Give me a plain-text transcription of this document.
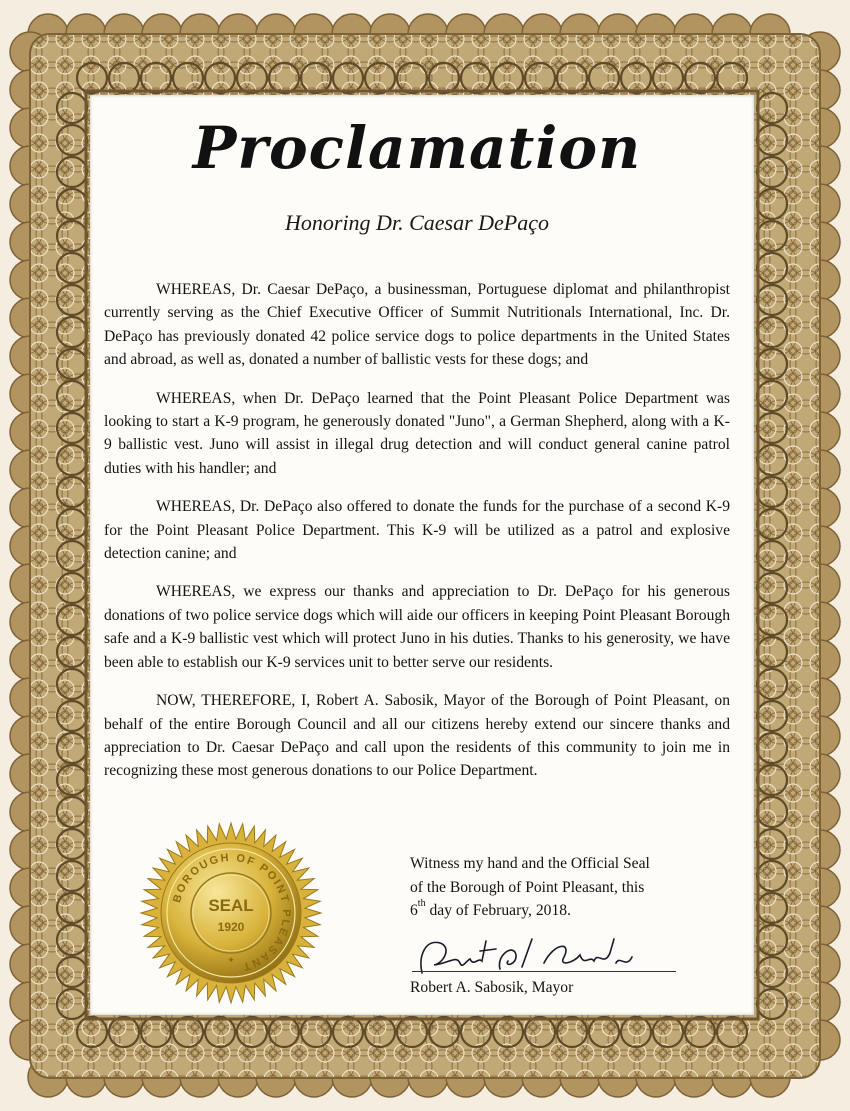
Proclamation
Honoring Dr. Caesar DePaço

WHEREAS, Dr. Caesar DePaço, a businessman, Portuguese diplomat and philanthropist currently serving as the Chief Executive Officer of Summit Nutritionals International, Inc. Dr. DePaço has previously donated 42 police service dogs to police departments in the United States and abroad, as well as, donated a number of ballistic vests for these dogs; and

WHEREAS, when Dr. DePaço learned that the Point Pleasant Police Department was looking to start a K-9 program, he generously donated "Juno", a German Shepherd, along with a K-9 ballistic vest. Juno will assist in illegal drug detection and will conduct general canine patrol duties with his handler; and

WHEREAS, Dr. DePaço also offered to donate the funds for the purchase of a second K-9 for the Point Pleasant Police Department. This K-9 will be utilized as a patrol and explosive detection canine; and

WHEREAS, we express our thanks and appreciation to Dr. DePaço for his generous donations of two police service dogs which will aide our officers in keeping Point Pleasant Borough safe and a K-9 ballistic vest which will protect Juno in his duties. Thanks to his generosity, we have been able to establish our K-9 services unit to better serve our residents.

NOW, THEREFORE, I, Robert A. Sabosik, Mayor of the Borough of Point Pleasant, on behalf of the entire Borough Council and all our citizens hereby extend our sincere thanks and appreciation to Dr. Caesar DePaço and call upon the residents of this community to join me in recognizing these most generous donations to our Police Department.

Witness my hand and the Official Seal
of the Borough of Point Pleasant, this
6th day of February, 2018.
Robert A. Sabosik, Mayor
BOROUGH OF POINT PLEASANT
SEAL
1920
✦
